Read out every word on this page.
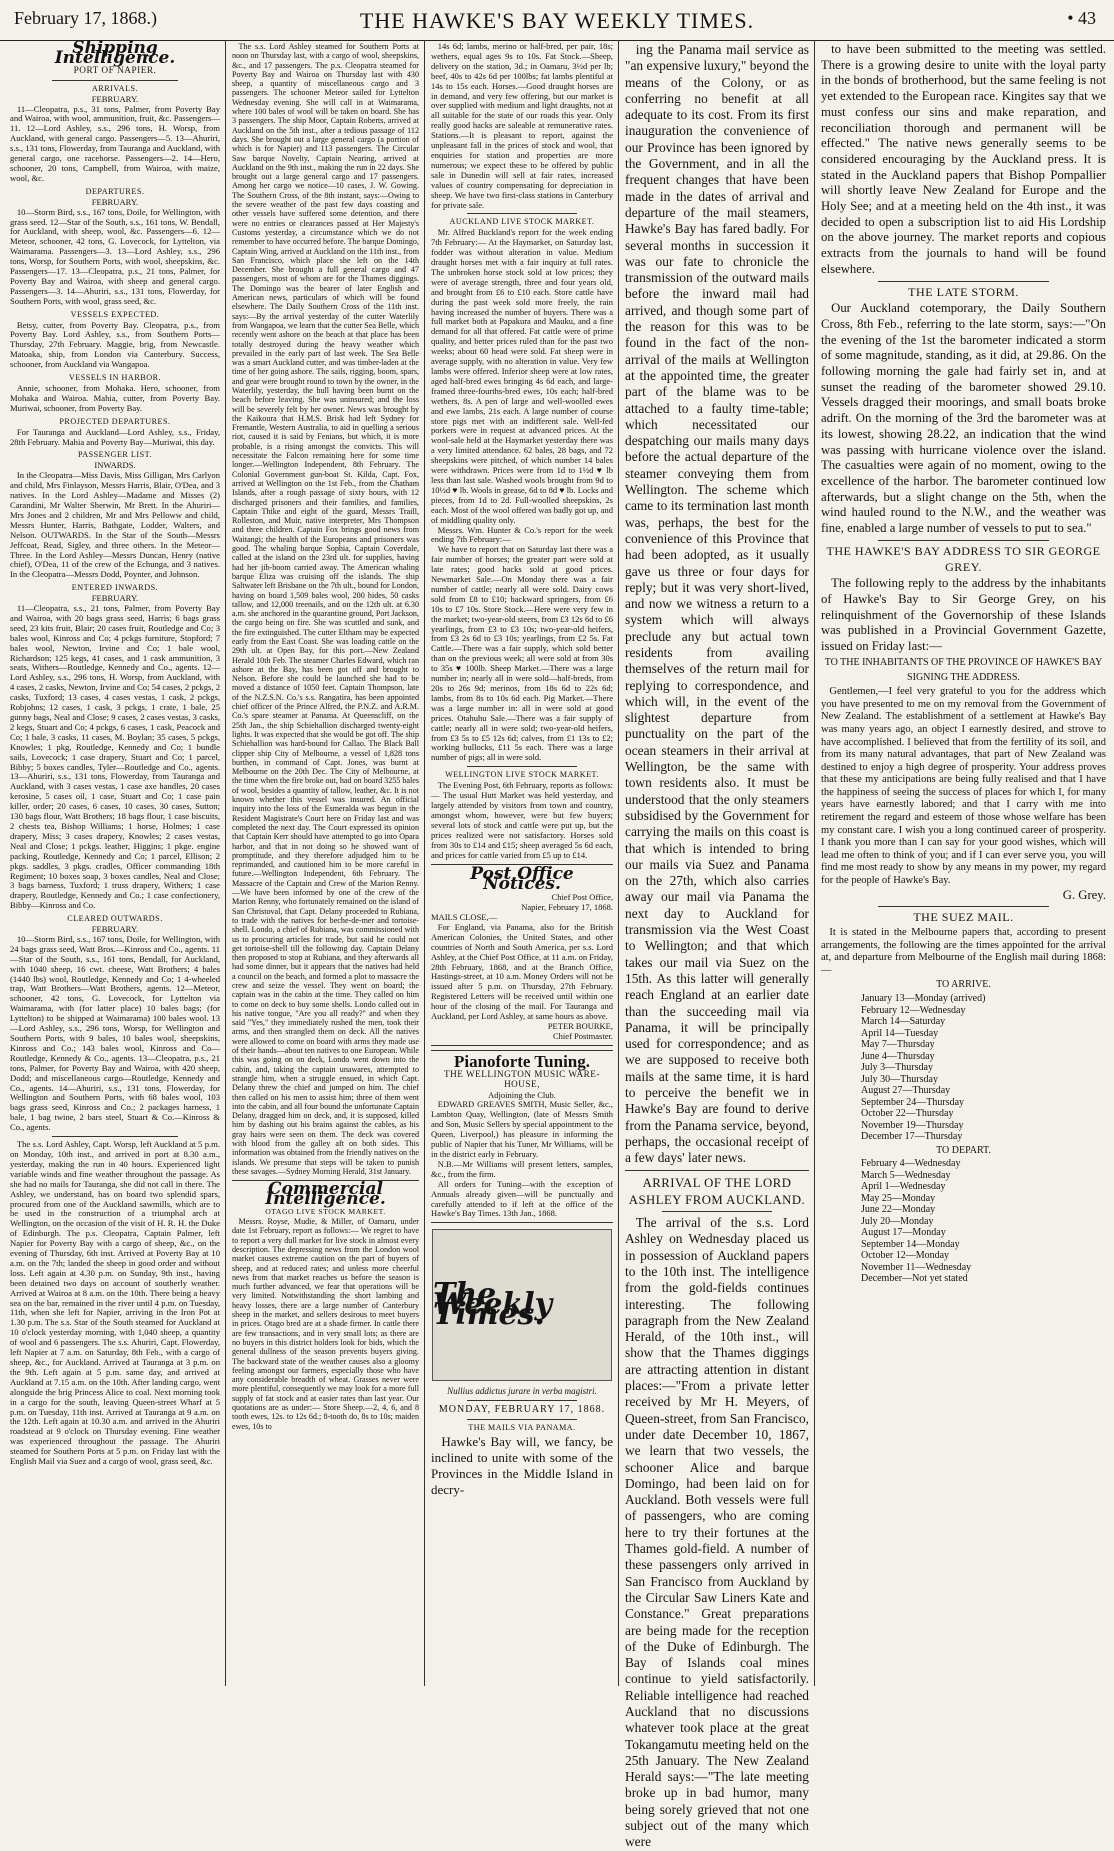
February 17, 1868.)	THE HAWKE'S BAY WEEKLY TIMES.	• 43
Shipping Intelligence.
PORT OF NAPIER.
ARRIVALS.
FEBRUARY.

11—Cleopatra, p.s., 31 tons, Palmer, from Poverty Bay and Wairoa, with wool, ammunition, fruit, &c. Passengers—11. 12—Lord Ashley, s.s., 296 tons, H. Worsp, from Auckland, with general cargo. Passengers—5. 13—Ahuriri, s.s., 131 tons, Flowerday, from Tauranga and Auckland, with general cargo, one racehorse. Passengers—2. 14—Hero, schooner, 20 tons, Campbell, from Wairoa, with maize, wool, &c.

DEPARTURES.
FEBRUARY.

10—Storm Bird, s.s., 167 tons, Doile, for Wellington, with grass seed. 12—Star of the South, s.s., 161 tons, W. Bendall, for Auckland, with sheep, wool, &c. Passengers—6. 12—Meteor, schooner, 42 tons, G. Lovecock, for Lyttelton, via Waimarama. Passengers—3. 13—Lord Ashley, s.s., 296 tons, Worsp, for Southern Ports, with wool, sheepskins, &c. Passengers—17. 13—Cleopatra, p.s., 21 tons, Palmer, for Poverty Bay and Wairoa, with sheep and general cargo. Passengers—3. 14—Ahuriri, s.s., 131 tons, Flowerday, for Southern Ports, with wool, grass seed, &c.

VESSELS EXPECTED.

Betsy, cutter, from Poverty Bay. Cleopatra, p.s., from Poverty Bay. Lord Ashley, s.s., from Southern Ports—Thursday, 27th February. Maggie, brig, from Newcastle. Matoaka, ship, from London via Canterbury. Success, schooner, from Auckland via Wangapoa.

VESSELS IN HARBOR.

Annie, schooner, from Mohaka. Hero, schooner, from Mohaka and Wairoa. Mahia, cutter, from Poverty Bay. Muriwai, schooner, from Poverty Bay.

PROJECTED DEPARTURES.

For Tauranga and Auckland—Lord Ashley, s.s., Friday, 28th February. Mahia and Poverty Bay—Muriwai, this day.

PASSENGER LIST.
INWARDS.

In the Cleopatra—Miss Davis, Miss Gilligan, Mrs Carlyon and child, Mrs Finlayson, Messrs Harris, Blair, O'Dea, and 3 natives. In the Lord Ashley—Madame and Misses (2) Carandini, Mr Walter Sherwin, Mr Brett. In the Ahuriri—Mrs Jones and 2 children, Mr and Mrs Pelloww and child, Messrs Hunter, Harris, Bathgate, Lodder, Walters, and Nelson. OUTWARDS. In the Star of the South—Messrs Jeffcoat, Read, Sigley, and three others. In the Meteor—Three. In the Lord Ashley—Messrs Duncan, Henry (native chief), O'Dea, 11 of the crew of the Echunga, and 3 natives. In the Cleopatra—Messrs Dodd, Poynter, and Johnson.

ENTERED INWARDS.
FEBRUARY.

11—Cleopatra, s.s., 21 tons, Palmer, from Poverty Bay and Wairoa, with 20 bags grass seed, Harris; 6 bags grass seed, 23 kits fruit, Blair; 20 cases fruit, Routledge and Co; 3 bales wool, Kinross and Co; 4 pckgs furniture, Stopford; 7 bales wool, Newton, Irvine and Co; 1 bale wool, Richardson; 125 kegs, 41 cases, and 1 cask ammunition, 3 seats, Withers—Routledge, Kennedy and Co., agents. 12—Lord Ashley, s.s., 296 tons, H. Worsp, from Auckland, with 4 cases, 2 casks, Newton, Irvine and Co; 54 cases, 2 pckgs, 2 casks, Tuxford; 13 cases, 4 cases vestas, 1 cask, 2 pckgs, Robjohns; 12 cases, 1 cask, 3 pckgs, 1 crate, 1 bale, 25 gunny bags, Neal and Close; 9 cases, 2 cases vestas, 3 casks, 2 kegs, Stuart and Co; 4 pckgs, 6 cases, 1 cask, Peacock and Co; 1 bale, 3 casks, 11 cases, M. Boylan; 35 cases, 5 pckgs, Knowles; 1 pkg, Routledge, Kennedy and Co; 1 bundle sails, Lovecock; 1 case drapery, Stuart and Co; 1 parcel, Bibby; 5 boxes candles, Tyler—Routledge and Co., agents. 13—Ahuriri, s.s., 131 tons, Flowerday, from Tauranga and Auckland, with 3 cases vestas, 1 case axe handles, 20 cases kerosine, 5 cases oil, 1 case, Stuart and Co; 1 case pain killer, order; 20 cases, 6 cases, 10 cases, 30 cases, Sutton; 130 bags flour, Watt Brothers; 18 bags flour, 1 case biscuits, 2 chests tea, Bishop Williams; 1 horse, Holmes; 1 case drapery, Miss; 3 cases drapery, Knowles; 2 cases vestas, Neal and Close; 1 pckgs. leather, Higgins; 1 pkge. engine packing, Routledge, Kennedy and Co; 1 parcel, Ellison; 2 pkgs. saddles, 3 pkgs. cradles, Officer commanding 18th Regiment; 10 boxes soap, 3 boxes candles, Neal and Close; 3 bags barness, Tuxford; 1 truss drapery, Withers; 1 case drapery, Routledge, Kennedy and Co.; 1 case confectionery, Bibby—Kinross and Co.

CLEARED OUTWARDS.
FEBRUARY.

10—Storm Bird, s.s., 167 tons, Doile, for Wellington, with 24 bags grass seed, Watt Bros.—Kinross and Co., agents. 11—Star of the South, s.s., 161 tons, Bendall, for Auckland, with 1040 sheep, 16 cwt. cheese, Watt Brothers; 4 bales (1440 lbs) wool, Routledge, Kennedy and Co; 1 4-wheeled trap, Watt Brothers—Watt Brothers, agents. 12—Meteor, schooner, 42 tons, G. Lovecock, for Lyttelton via Waimarama, with (for latter place) 10 bales bags; (for Lyttelton) to be shipped at Waimarama) 100 bales wool. 13—Lord Ashley, s.s., 296 tons, Worsp, for Wellington and Southern Ports, with 9 bales, 10 bales wool, sheepskins, Kinross and Co.; 143 bales wool, Kinross and Co—Routledge, Kennedy & Co., agents. 13—Cleopatra, p.s., 21 tons, Palmer, for Poverty Bay and Wairoa, with 420 sheep, Dodd; and miscellaneous cargo—Routledge, Kennedy and Co., agents. 14—Ahuriri, s.s., 131 tons, Flowerday, for Wellington and Southern Ports, with 68 bales wool, 103 bags grass seed, Kinross and Co.; 2 packages harness, 1 bale, 1 bag twine, 2 bars steel, Stuart & Co.—Kinross & Co., agents.

The s.s. Lord Ashley, Capt. Worsp, left Auckland at 5 p.m. on Monday, 10th inst., and arrived in port at 8.30 a.m., yesterday, making the run in 40 hours. Experienced light variable winds and fine weather throughout the passage. As she had no mails for Tauranga, she did not call in there. The Ashley, we understand, has on board two splendid spars, procured from one of the Auckland sawmills, which are to be used in the construction of a triumphal arch at Wellington, on the occasion of the visit of H. R. H. the Duke of Edinburgh. The p.s. Cleopatra, Captain Palmer, left Napier for Poverty Bay with a cargo of sheep, &c., on the evening of Thursday, 6th inst. Arrived at Poverty Bay at 10 a.m. on the 7th; landed the sheep in good order and without loss. Left again at 4.30 p.m. on Sunday, 9th inst., having been detained two days on account of southerly weather. Arrived at Wairoa at 8 a.m. on the 10th. There being a heavy sea on the bar, remained in the river until 4 p.m. on Tuesday, 11th, when she left for Napier, arriving in the Iron Pot at 1.30 p.m. The s.s. Star of the South steamed for Auckland at 10 o'clock yesterday morning, with 1,040 sheep, a quantity of wool and 6 passengers. The s.s. Ahuriri, Capt. Flowerday, left Napier at 7 a.m. on Saturday, 8th Feb., with a cargo of sheep, &c., for Auckland. Arrived at Tauranga at 3 p.m. on the 9th. Left again at 5 p.m. same day, and arrived at Auckland at 7.15 a.m. on the 10th. After landing cargo, went alongside the brig Princess Alice to coal. Next morning took in a cargo for the south, leaving Queen-street Wharf at 5 p.m. on Tuesday, 11th inst. Arrived at Tauranga at 9 a.m. on the 12th. Left again at 10.30 a.m. and arrived in the Ahuriri roadstead at 9 o'clock on Thursday evening. Fine weather was experienced throughout the passage. The Ahuriri steamed for Southern Ports at 5 p.m. on Friday last with the English Mail via Suez and a cargo of wool, grass seed, &c.

The s.s. Lord Ashley steamed for Southern Ports at noon on Thursday last, with a cargo of wool, sheepskins, &c., and 17 passengers. The p.s. Cleopatra steamed for Poverty Bay and Wairoa on Thursday last with 430 sheep, a quantity of miscellaneous cargo and 3 passengers. The schooner Meteor sailed for Lyttelton Wednesday evening. She will call in at Waimarama, where 100 bales of wool will be taken on board. She has 3 passengers. The ship Moor, Captain Roberts, arrived at Auckland on the 5th inst., after a tedious passage of 112 days. She brought out a large general cargo (a portion of which is for Napier) and 113 passengers. The Circular Saw barque Novelty, Captain Nearing, arrived at Auckland on the 9th inst., making the run in 22 days. She brought out a large general cargo and 17 passengers. Among her cargo we notice—10 cases, J. W. Gowing. The Southern Cross, of the 8th instant, says:—Owing to the severe weather of the past few days coasting and other vessels have suffered some detention, and there were no entries or clearances passed at Her Majesty's Customs yesterday, a circumstance which we do not remember to have occurred before. The barque Domingo, Captain Wing, arrived at Auckland on the 11th inst., from San Francisco, which place she left on the 14th December. She brought a full general cargo and 47 passengers, most of whom are for the Thames diggings. The Domingo was the bearer of later English and American news, particulars of which will be found elsewhere. The Daily Southern Cross of the 11th inst. says:—By the arrival yesterday of the cutter Waterlily from Wangapoa, we learn that the cutter Sea Belle, which recently went ashore on the beach at that place has been totally destroyed during the heavy weather which prevailed in the early part of last week. The Sea Belle was a smart Auckland cutter, and was timber-laden at the time of her going ashore. The sails, rigging, boom, spars, and gear were brought round to town by the owner, in the Waterlily, yesterday, the hull having been burnt on the beach before leaving. She was uninsured; and the loss will be severely felt by her owner. News was brought by the Kaikoura that H.M.S. Brisk had left Sydney for Fremantle, Western Australia, to aid in quelling a serious riot, caused it is said by Fenians, but which, it is more probable, is a rising amongst the convicts. This will necessitate the Falcon remaining here for some time longer.—Wellington Independent, 8th February. The Colonial Government gun-boat St. Kilda, Capt. Fox, arrived at Wellington on the 1st Feb., from the Chatham Islands, after a rough passage of sixty hours, with 12 discharged prisoners and their families, and families, Captain Thike and eight of the guard, Messrs Traill, Rolleston, and Muir, native interpreter, Mrs Thompson and three children. Captain Fox brings good news from Waitangi; the health of the Europeans and prisoners was good. The whaling barque Sophia, Captain Coverdale, called at the island on the 23rd ult. for supplies, having had her jib-boom carried away. The American whaling barque Eliza was cruising off the islands. The ship Saltwater left Brisbane on the 7th ult., bound for London, having on board 1,509 bales wool, 200 hides, 50 casks tallow, and 12,000 treenails, and on the 12th ult. at 6.30 a.m. she anchored in the quarantine ground, Port Jackson, the cargo being on fire. She was scuttled and sunk, and the fire extinguished. The cutter Eltham may be expected early from the East Coast. She was loading cattle on the 29th ult. at Open Bay, for this port.—New Zealand Herald 10th Feb. The steamer Charles Edward, which ran ashore at the Bay, has been got off and brought to Nelson. Before she could be launched she had to be moved a distance of 1050 feet. Captain Thompson, late of the N.Z.S.N. Co.'s s.s. Rangatira, has been appointed chief officer of the Prince Alfred, the P.N.Z. and A.R.M. Co.'s spare steamer at Panama. At Queenscliff, on the 25th Jan., the ship Schiehallion discharged twenty-eight lights. It was expected that she would be got off. The ship Schiehallion was hard-bound for Callao. The Black Ball clipper ship City of Melbourne, a vessel of 1,828 tons burthen, in command of Capt. Jones, was burnt at Melbourne on the 20th Dec. The City of Melbourne, at the time when the fire broke out, had on board 3255 bales of wool, besides a quantity of tallow, leather, &c. It is not known whether this vessel was insured. An official inquiry into the loss of the Esmeralda was begun in the Resident Magistrate's Court here on Friday last and was completed the next day. The Court expressed its opinion that Captain Kerr should have attempted to go into Opara harbor, and that in not doing so he showed want of promptitude, and they therefore adjudged him to be reprimanded, and cautioned him to be more careful in future.—Wellington Independent, 6th February. The Massacre of the Captain and Crew of the Marion Renny.—We have been informed by one of the crew of the Marion Renny, who fortunately remained on the island of San Christoval, that Capt. Delany proceeded to Rubiana, to trade with the natives for beche-de-mer and tortoise-shell. Londo, a chief of Rubiana, was commissioned with us to procuring articles for trade, but said he could not get tortoise-shell till the following day. Captain Delany then proposed to stop at Rubiana, and they afterwards all had some dinner, but it appears that the natives had held a council on the beach, and formed a plot to massacre the crew and seize the vessel. They went on board; the captain was in the cabin at the time. They called on him to come on deck to buy some shells. Londo called out in his native tongue, "Are you all ready?" and when they said "Yes," they immediately rushed the men, took their arms, and then strangled them on deck. All the natives were allowed to come on board with arms they made use of their hands—about ten natives to one European. While this was going on on deck, Londo went down into the cabin, and, taking the captain unawares, attempted to strangle him, when a struggle ensued, in which Capt. Delany threw the chief and jumped on him. The chief then called on his men to assist him; three of them went into the cabin, and all four bound the unfortunate Captain Delany, dragged him on deck, and, it is supposed, killed him by dashing out his brains against the cables, as his gray hairs were seen on them. The deck was covered with blood from the galley aft on both sides. This information was obtained from the friendly natives on the islands. We presume that steps will be taken to punish these savages.—Sydney Morning Herald, 31st January.

Commercial Intelligence.
OTAGO LIVE STOCK MARKET.

Messrs. Royse, Mudie, & Miller, of Oamaru, under date 1st February, report as follows:— We regret to have to report a very dull market for live stock in almost every description. The depressing news from the London wool market causes extreme caution on the part of buyers of sheep, and at reduced rates; and unless more cheerful news from that market reaches us before the season is much further advanced, we fear that operations will be very limited. Notwithstanding the short lambing and heavy losses, there are a large number of Canterbury sheep in the market, and sellers desirous to meet buyers in prices. Otago bred are at a shade firmer. In cattle there are few transactions, and in very small lots; as there are no buyers in this district holders look for bids, which the general dullness of the season prevents buyers giving. The backward state of the weather causes also a gloomy feeling amongst our farmers, especially those who have any considerable breadth of wheat. Grasses never were more plentiful, consequently we may look for a more full supply of fat stock and at easier rates than last year. Our quotations are as under:— Store Sheep.—2, 4, 6, and 8 tooth ewes, 12s. to 12s 6d.; 8-tooth do, 8s to 10s; maiden ewes, 10s to

14s 6d; lambs, merino or half-bred, per pair, 18s; wethers, equal ages 9s to 10s. Fat Stock.—Sheep, delivery on the station, 3d.; in Oamaru, 3½d per lb; beef, 40s to 42s 6d per 100lbs; fat lambs plentiful at 14s to 15s each. Horses.—Good draught horses are in demand, and very few offering, but our market is over supplied with medium and light draughts, not at all suitable for the state of our roads this year. Only really good hacks are saleable at remunerative rates. Stations.—It is pleasant to report, against the unpleasant fall in the prices of stock and wool, that enquiries for station and properties are more numerous; we expect these to be offered by public sale in Dunedin will sell at fair rates, increased values of country compensating for depreciation in sheep. We have two first-class stations in Canterbury for private sale.

AUCKLAND LIVE STOCK MARKET.

Mr. Alfred Buckland's report for the week ending 7th February:— At the Haymarket, on Saturday last, fodder was without alteration in value. Medium draught horses met with a fair inquiry at full rates. The unbroken horse stock sold at low prices; they were of average strength, three and four years old, and brought from £6 to £10 each. Store cattle have during the past week sold more freely, the rain having increased the number of buyers. There was a full market both at Papakura and Mauku, and a fine demand for all that offered. Fat cattle were of prime quality, and better prices ruled than for the past two weeks; about 60 head were sold. Fat sheep were in average supply, with no alteration in value. Very few lambs were offered. Inferior sheep were at low rates, aged half-bred ewes bringing 4s 6d each, and large-framed three-fourths-bred ewes, 10s each; half-bred wethers, 8s. A pen of large and well-woolled ewes and ewe lambs, 21s each. A large number of course store pigs met with an indifferent sale. Well-fed porkers were in request at advanced prices. At the wool-sale held at the Haymarket yesterday there was a very limited attendance. 62 bales, 28 bags, and 72 sheepskins were pitched, of which number 14 bales were withdrawn. Prices were from 1d to 1½d ♥ lb less than last sale. Washed wools brought from 9d to 10½d ♥ lb. Wools in grease, 6d to 8d ♥ lb. Locks and pieces, from 1d to 2d. Full-woolled sheepskins, 2s each. Most of the wool offered was badly got up, and of middling quality only.

Messrs. Wm. Hunter & Co.'s report for the week ending 7th February:—

We have to report that on Saturday last there was a fair number of horses; the greater part were sold at late rates; good hacks sold at good prices. Newmarket Sale.—On Monday there was a fair number of cattle; nearly all were sold. Dairy cows sold from £8 to £10; backward springers, from £6 10s to £7 10s. Store Stock.—Here were very few in the market; two-year-old steers, from £3 12s 6d to £6 yearlings, from £3 to £3 10s; two-year-old heifers, from £3 2s 6d to £3 10s; yearlings, from £2 5s. Fat Cattle.—There was a fair supply, which sold better than on the previous week; all were sold at from 30s to 35s ♥ 100lb. Sheep Market.—There was a large number in; nearly all in were sold—half-breds, from 20s to 26s 9d; merinos, from 18s 6d to 22s 6d; lambs, from 8s to 10s 6d each. Pig Market.—There was a large number in: all in were sold at good prices. Otahuhu Sale.—There was a fair supply of cattle; nearly all in were sold; two-year-old heifers, from £3 5s to £5 12s 6d; calves, from £1 13s to £2; working bullocks, £11 5s each. There was a large number of pigs; all in were sold.

WELLINGTON LIVE STOCK MARKET.

The Evening Post, 6th February, reports as follows:— The usual Hutt Market was held yesterday, and largely attended by visitors from town and country, amongst whom, however, were but few buyers; several lots of stock and cattle were put up, but the prices realized were not satisfactory. Horses sold from 30s to £14 and £15; sheep averaged 5s 6d each, and prices for cattle varied from £5 up to £14.

Post Office Notices.
Chief Post Office,
Napier, February 17, 1868.
MAILS CLOSE,—

For England, via Panama, also for the British American Colonies, the United States, and other countries of North and South America, per s.s. Lord Ashley, at the Chief Post Office, at 11 a.m. on Friday, 28th February, 1868, and at the Branch Office, Hastings-street, at 10 a.m. Money Orders will not be issued after 5 p.m. on Thursday, 27th February. Registered Letters will be received until within one hour of the closing of the mail. For Tauranga and Auckland, per Lord Ashley, at same hours as above.

PETER BOURKE,
Chief Postmaster.
Pianoforte Tuning.
THE WELLINGTON MUSIC WARE-HOUSE,
Adjoining the Club.

EDWARD GREAVES SMITH, Music Seller, &c., Lambton Quay, Wellington, (late of Messrs Smith and Son, Music Sellers by special appointment to the Queen, Liverpool,) has pleasure in informing the public of Napier that his Tuner, Mr Williams, will be in the district early in February.

N.B.—Mr Williams will present letters, samples, &c., from the firm.

All orders for Tuning—with the exception of Annuals already given—will be punctually and carefully attended to if left at the office of the Hawke's Bay Times. 13th Jan., 1868.

The Weekly Times.
Nullius addictus jurare in verba magistri.
MONDAY, FEBRUARY 17, 1868.
THE MAILS VIA PANAMA.

Hawke's Bay will, we fancy, be inclined to unite with some of the Provinces in the Middle Island in decry-

ing the Panama mail service as "an expensive luxury," beyond the means of the Colony, or as conferring no benefit at all adequate to its cost. From its first inauguration the convenience of our Province has been ignored by the Government, and in all the frequent changes that have been made in the dates of arrival and departure of the mail steamers, Hawke's Bay has fared badly. For several months in succession it was our fate to chronicle the transmission of the outward mails before the inward mail had arrived, and though some part of the reason for this was to be found in the fact of the non-arrival of the mails at Wellington at the appointed time, the greater part of the blame was to be attached to a faulty time-table; which necessitated our despatching our mails many days before the actual departure of the steamer conveying them from Wellington. The scheme which came to its termination last month was, perhaps, the best for the convenience of this Province that had been adopted, as it usually gave us three or four days for reply; but it was very short-lived, and now we witness a return to a system which will always preclude any but actual town residents from availing themselves of the return mail for replying to correspondence, and which will, in the event of the slightest departure from punctuality on the part of the ocean steamers in their arrival at Wellington, be the same with town residents also. It must be understood that the only steamers subsidised by the Government for carrying the mails on this coast is that which is intended to bring our mails via Suez and Panama on the 27th, which also carries away our mail via Panama the next day to Auckland for transmission via the West Coast to Wellington; and that which takes our mail via Suez on the 15th. As this latter will generally reach England at an earlier date than the succeeding mail via Panama, it will be principally used for correspondence; and as we are supposed to receive both mails at the same time, it is hard to perceive the benefit we in Hawke's Bay are found to derive from the Panama service, beyond, perhaps, the occasional receipt of a few days' later news.

ARRIVAL OF THE LORD ASHLEY FROM AUCKLAND.

The arrival of the s.s. Lord Ashley on Wednesday placed us in possession of Auckland papers to the 10th inst. The intelligence from the gold-fields continues interesting. The following paragraph from the New Zealand Herald, of the 10th inst., will show that the Thames diggings are attracting attention in distant places:—"From a private letter received by Mr H. Meyers, of Queen-street, from San Francisco, under date December 10, 1867, we learn that two vessels, the schooner Alice and barque Domingo, had been laid on for Auckland. Both vessels were full of passengers, who are coming here to try their fortunes at the Thames gold-field. A number of these passengers only arrived in San Francisco from Auckland by the Circular Saw Liners Kate and Constance." Great preparations are being made for the reception of the Duke of Edinburgh. The Bay of Islands coal mines continue to yield satisfactorily. Reliable intelligence had reached Auckland that no discussions whatever took place at the great Tokangamutu meeting held on the 25th January. The New Zealand Herald says:—"The late meeting broke up in bad humor, many being sorely grieved that not one subject out of the many which were

to have been submitted to the meeting was settled. There is a growing desire to unite with the loyal party in the bonds of brotherhood, but the same feeling is not yet extended to the European race. Kingites say that we must confess our sins and make reparation, and reconciliation thorough and permanent will be effected." The native news generally seems to be considered encouraging by the Auckland press. It is stated in the Auckland papers that Bishop Pompallier will shortly leave New Zealand for Europe and the Holy See; and at a meeting held on the 4th inst., it was decided to open a subscription list to aid His Lordship on the above journey. The market reports and copious extracts from the journals to hand will be found elsewhere.

THE LATE STORM.

Our Auckland cotemporary, the Daily Southern Cross, 8th Feb., referring to the late storm, says:—"On the evening of the 1st the barometer indicated a storm of some magnitude, standing, as it did, at 29.86. On the following morning the gale had fairly set in, and at sunset the reading of the barometer showed 29.10. Vessels dragged their moorings, and small boats broke adrift. On the morning of the 3rd the barometer was at its lowest, showing 28.22, an indication that the wind was passing with hurricane violence over the island. The casualties were again of no moment, owing to the excellence of the harbor. The barometer continued low afterwards, but a slight change on the 5th, when the wind hauled round to the N.W., and the weather was fine, enabled a large number of vessels to put to sea."

THE HAWKE'S BAY ADDRESS TO SIR GEORGE GREY.

The following reply to the address by the inhabitants of Hawke's Bay to Sir George Grey, on his relinquishment of the Governorship of these Islands was published in a Provincial Government Gazette, issued on Friday last:—

TO THE INHABITANTS OF THE PROVINCE OF HAWKE'S BAY SIGNING THE ADDRESS.

Gentlemen,—I feel very grateful to you for the address which you have presented to me on my removal from the Government of New Zealand. The establishment of a settlement at Hawke's Bay was many years ago, an object I earnestly desired, and strove to have accomplished. I believed that from the fertility of its soil, and from its many natural advantages, that part of New Zealand was destined to enjoy a high degree of prosperity. Your address proves that these my anticipations are being fully realised and that I have the happiness of seeing the success of places for which I, for many years have earnestly labored; and that I carry with me into retirement the regard and esteem of those whose welfare has been my constant care. I wish you a long continued career of prosperity. I thank you more than I can say for your good wishes, which will lead me often to think of you; and if I can ever serve you, you will find me most ready to show by any means in my power, my regard for the people of Hawke's Bay.

G. Grey.
THE SUEZ MAIL.

It is stated in the Melbourne papers that, according to present arrangements, the following are the times appointed for the arrival at, and departure from Melbourne of the English mail during 1868:—

TO ARRIVE.
January 13—Monday (arrived)
February 12—Wednesday
March 14—Saturday
April 14—Tuesday
May 7—Thursday
June 4—Thursday
July 3—Thursday
July 30—Thursday
August 27—Thursday
September 24—Thursday
October 22—Thursday
November 19—Thursday
December 17—Thursday
TO DEPART.
February 4—Wednesday
March 5—Wednesday
April 1—Wednesday
May 25—Monday
June 22—Monday
July 20—Monday
August 17—Monday
September 14—Monday
October 12—Monday
November 11—Wednesday
December—Not yet stated
